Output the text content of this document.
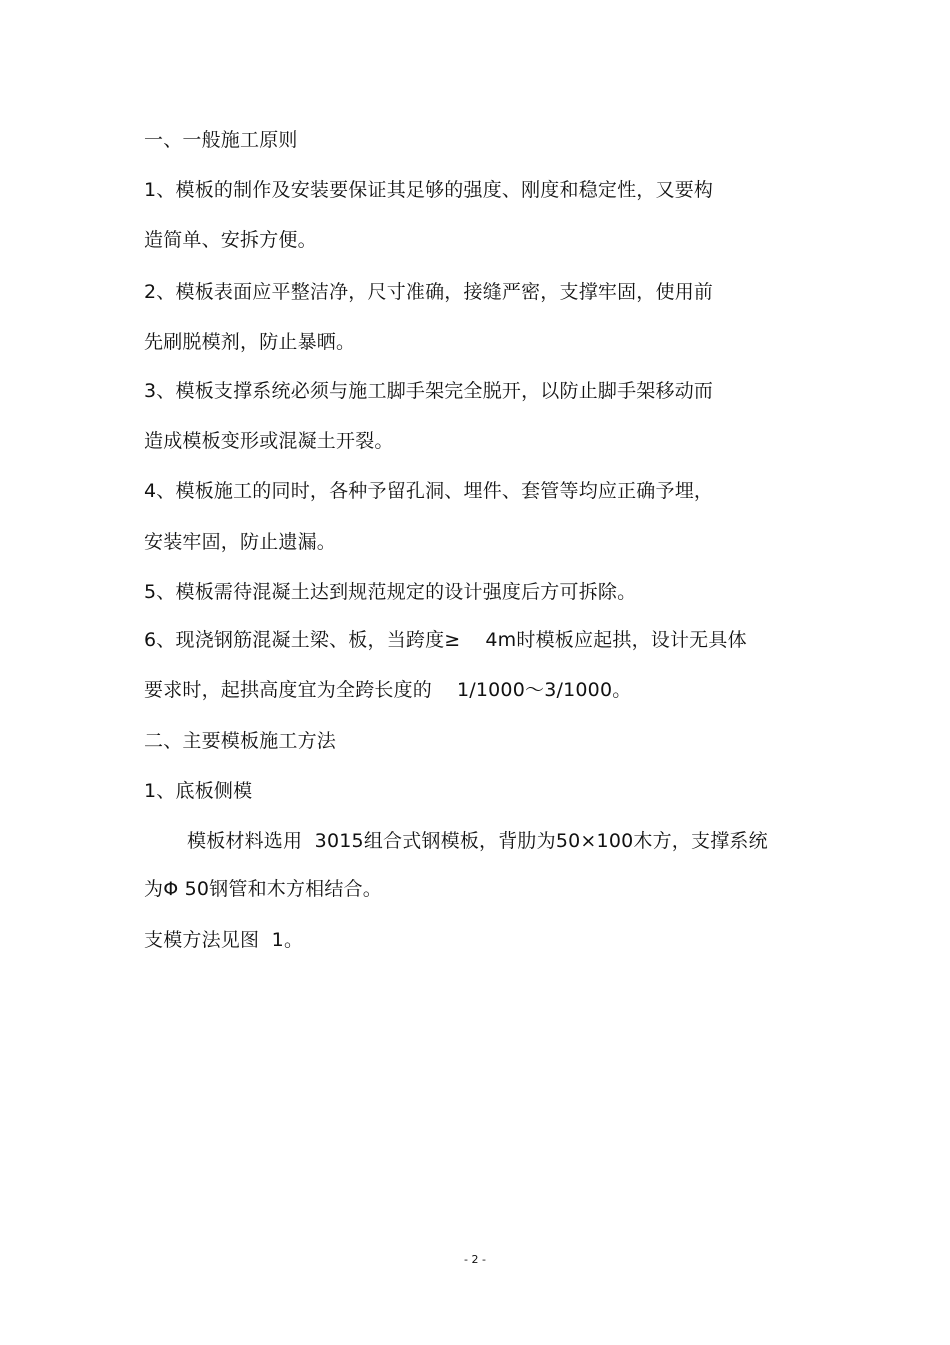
一、一般施工原则
1、模板的制作及安装要保证其足够的强度、刚度和稳定性，又要构
造简单、安拆方便。
2、模板表面应平整洁净，尺寸准确，接缝严密，支撑牢固，使用前
先刷脱模剂，防止暴晒。
3、模板支撑系统必须与施工脚手架完全脱开，以防止脚手架移动而
造成模板变形或混凝土开裂。
4、模板施工的同时，各种予留孔洞、埋件、套管等均应正确予埋，
安装牢固，防止遗漏。
5、模板需待混凝土达到规范规定的设计强度后方可拆除。
6、现浇钢筋混凝土梁、板，当跨度≥    4m时模板应起拱，设计无具体
要求时，起拱高度宜为全跨长度的    1/1000～3/1000。
二、主要模板施工方法
1、底板侧模
模板材料选用  3015组合式钢模板，背肋为50×100木方，支撑系统
为Φ 50钢管和木方相结合。
支模方法见图  1。
- 2 -
